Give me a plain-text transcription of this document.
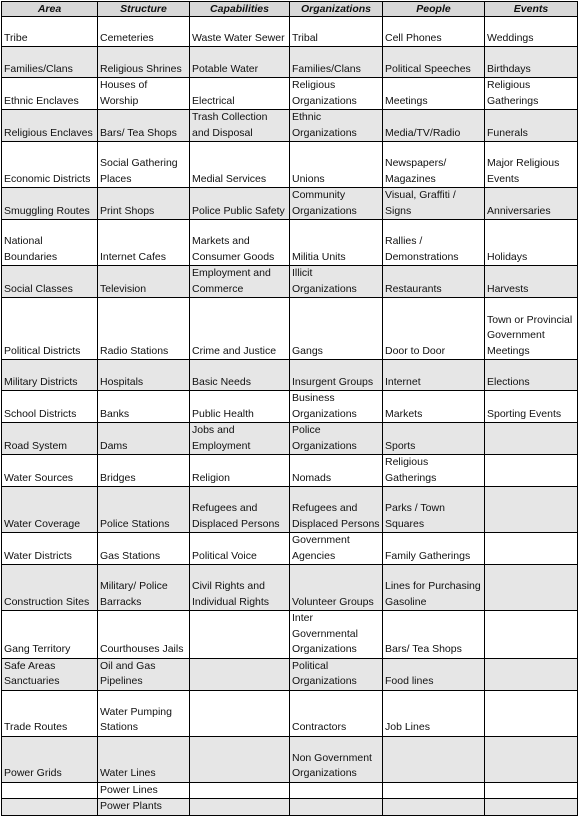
Area	Structure	Capabilities	Organizations	People	Events
Tribe	Cemeteries	Waste Water Sewer	Tribal	Cell Phones	Weddings
Families/Clans	Religious Shrines	Potable Water	Families/Clans	Political Speeches	Birthdays
Ethnic Enclaves	Houses of Worship	Electrical	Religious Organizations	Meetings	Religious Gatherings
Religious Enclaves	Bars/ Tea Shops	Trash Collection and Disposal	Ethnic Organizations	Media/TV/Radio	Funerals
Economic Districts	Social Gathering Places	Medial Services	Unions	Newspapers/ Magazines	Major Religious Events
Smuggling Routes	Print Shops	Police Public Safety	Community Organizations	Visual, Graffiti / Signs	Anniversaries
National Boundaries	Internet Cafes	Markets and Consumer Goods	Militia Units	Rallies / Demonstrations	Holidays
Social Classes	Television	Employment and Commerce	Illicit Organizations	Restaurants	Harvests
Political Districts	Radio Stations	Crime and Justice	Gangs	Door to Door	Town or Provincial Government Meetings
Military Districts	Hospitals	Basic Needs	Insurgent Groups	Internet	Elections
School Districts	Banks	Public Health	Business Organizations	Markets	Sporting Events
Road System	Dams	Jobs and Employment	Police Organizations	Sports	
Water Sources	Bridges	Religion	Nomads	Religious Gatherings	
Water Coverage	Police Stations	Refugees and Displaced Persons	Refugees and Displaced Persons	Parks / Town Squares	
Water Districts	Gas Stations	Political Voice	Government Agencies	Family Gatherings	
Construction Sites	Military/ Police Barracks	Civil Rights and Individual Rights	Volunteer Groups	Lines for Purchasing Gasoline	
Gang Territory	Courthouses Jails		Inter Governmental Organizations	Bars/ Tea Shops	
Safe Areas Sanctuaries	Oil and Gas Pipelines		Political Organizations	Food lines	
Trade Routes	Water Pumping Stations		Contractors	Job Lines	
Power Grids	Water Lines		Non Government Organizations		
	Power Lines				
	Power Plants				
